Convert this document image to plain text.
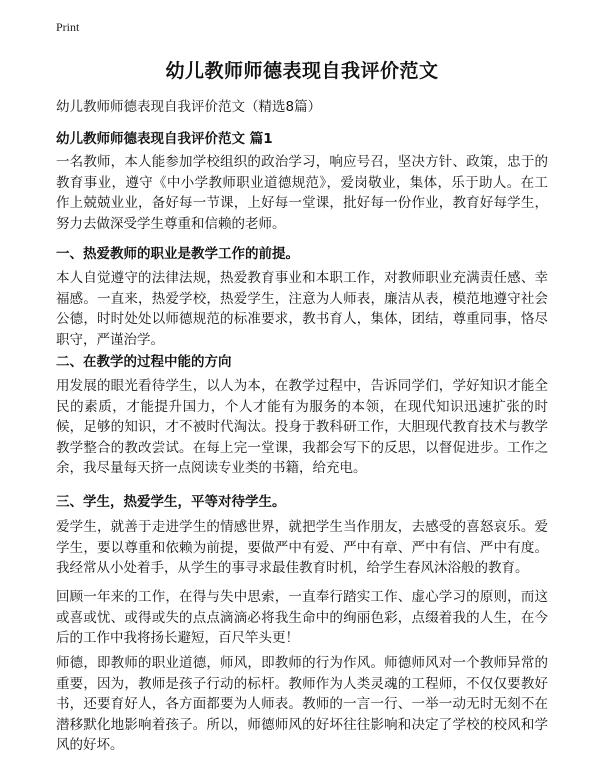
Print
幼儿教师师德表现自我评价范文
幼儿教师师德表现自我评价范文（精选8篇）
幼儿教师师德表现自我评价范文 篇1
一名教师，本人能参加学校组织的政治学习，响应号召，坚决方针、政策，忠于的教育事业，遵守《中小学教师职业道德规范》，爱岗敬业，集体，乐于助人。在工作上兢兢业业，备好每一节课，上好每一堂课，批好每一份作业，教育好每学生，努力去做深受学生尊重和信赖的老师。
一、热爱教师的职业是教学工作的前提。
本人自觉遵守的法律法规，热爱教育事业和本职工作，对教师职业充满责任感、幸福感。一直来，热爱学校，热爱学生，注意为人师表，廉洁从表，模范地遵守社会公德，时时处处以师德规范的标准要求，教书育人，集体，团结，尊重同事，恪尽职守，严谨治学。
二、在教学的过程中能的方向
用发展的眼光看待学生，以人为本，在教学过程中，告诉同学们，学好知识才能全民的素质，才能提升国力，个人才能有为服务的本领，在现代知识迅速扩张的时候，足够的知识，才不被时代淘汰。投身于教科研工作，大胆现代教育技术与教学教学整合的教改尝试。在每上完一堂课，我都会写下的反思，以督促进步。工作之余，我尽量每天挤一点阅读专业类的书籍，给充电。
三、学生，热爱学生，平等对待学生。
爱学生，就善于走进学生的情感世界，就把学生当作朋友，去感受的喜怒哀乐。爱学生，要以尊重和依赖为前提，要做严中有爱、严中有章、严中有信、严中有度。我经常从小处着手，从学生的事寻求最佳教育时机，给学生春风沐浴般的教育。
回顾一年来的工作，在得与失中思索，一直奉行踏实工作、虚心学习的原则，而这或喜或忧、或得或失的点点滴滴必将我生命中的绚丽色彩，点缀着我的人生，在今后的工作中我将扬长避短，百尺竿头更！
师德，即教师的职业道德，师风，即教师的行为作风。师德师风对一个教师异常的重要，因为，教师是孩子行动的标杆。教师作为人类灵魂的工程师，不仅仅要教好书，还要育好人，各方面都要为人师表。教师的一言一行、一举一动无时无刻不在潜移默化地影响着孩子。所以，师德师风的好坏往往影响和决定了学校的校风和学风的好坏。
